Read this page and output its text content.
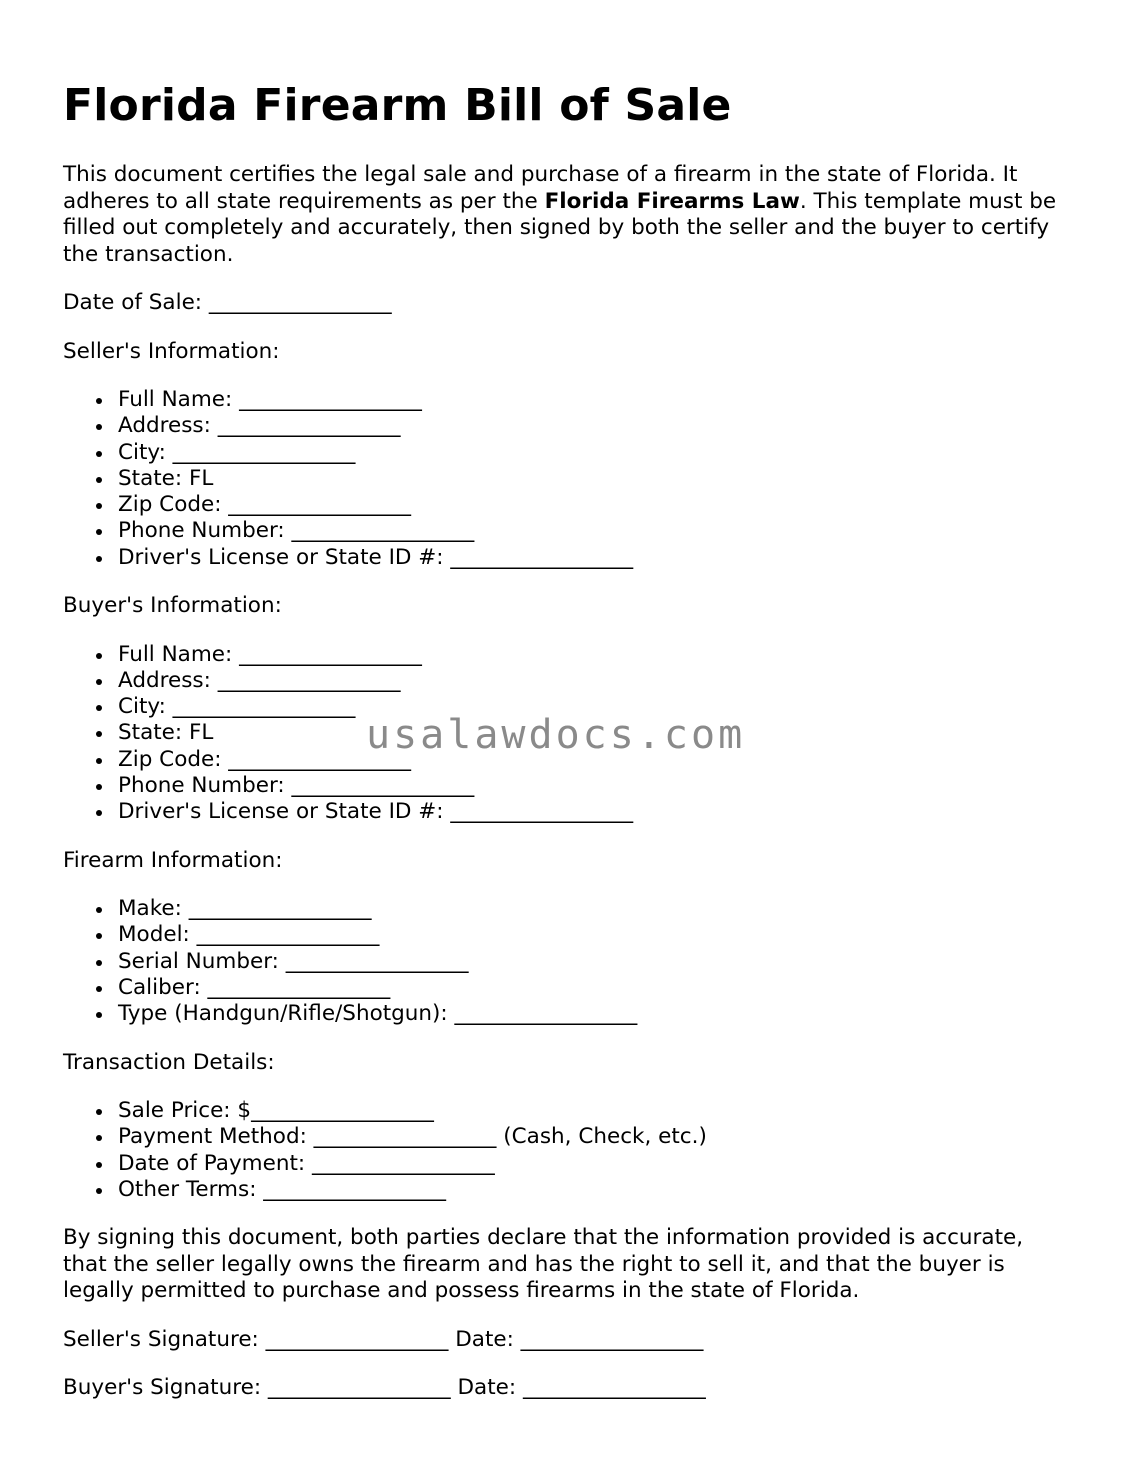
Florida Firearm Bill of Sale

This document certifies the legal sale and purchase of a firearm in the state of Florida. It adheres to all state requirements as per the Florida Firearms Law. This template must be filled out completely and accurately, then signed by both the seller and the buyer to certify the transaction.

Date of Sale: _________________

Seller's Information:

Full Name: _________________
Address: _________________
City: _________________
State: FL
Zip Code: _________________
Phone Number: _________________
Driver's License or State ID #: _________________

Buyer's Information:

Full Name: _________________
Address: _________________
City: _________________
State: FL
Zip Code: _________________
Phone Number: _________________
Driver's License or State ID #: _________________

Firearm Information:

Make: _________________
Model: _________________
Serial Number: _________________
Caliber: _________________
Type (Handgun/Rifle/Shotgun): _________________

Transaction Details:

Sale Price: $_________________
Payment Method: _________________ (Cash, Check, etc.)
Date of Payment: _________________
Other Terms: _________________

By signing this document, both parties declare that the information provided is accurate, that the seller legally owns the firearm and has the right to sell it, and that the buyer is legally permitted to purchase and possess firearms in the state of Florida.

Seller's Signature: _________________ Date: _________________

Buyer's Signature: _________________ Date: _________________

usalawdocs.com
